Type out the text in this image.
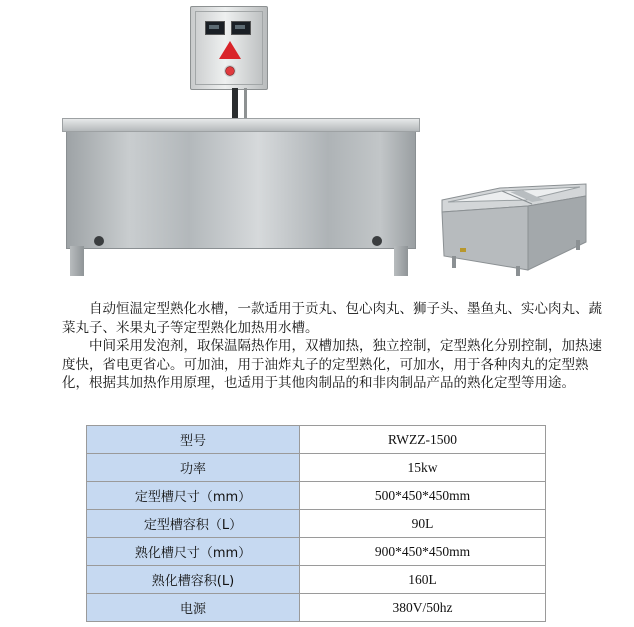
自动恒温定型熟化水槽，一款适用于贡丸、包心肉丸、狮子头、墨鱼丸、实心肉丸、蔬菜丸子、米果丸子等定型熟化加热用水槽。

中间采用发泡剂，取保温隔热作用，双槽加热，独立控制，定型熟化分别控制，加热速度快，省电更省心。可加油，用于油炸丸子的定型熟化，可加水，用于各种肉丸的定型熟化，根据其加热作用原理，也适用于其他肉制品的和非肉制品产品的熟化定型等用途。

型号	RWZZ-1500
功率	15kw
定型槽尺寸（mm）	500*450*450mm
定型槽容积（L）	90L
熟化槽尺寸（mm）	900*450*450mm
熟化槽容积(L)	160L
电源	380V/50hz
